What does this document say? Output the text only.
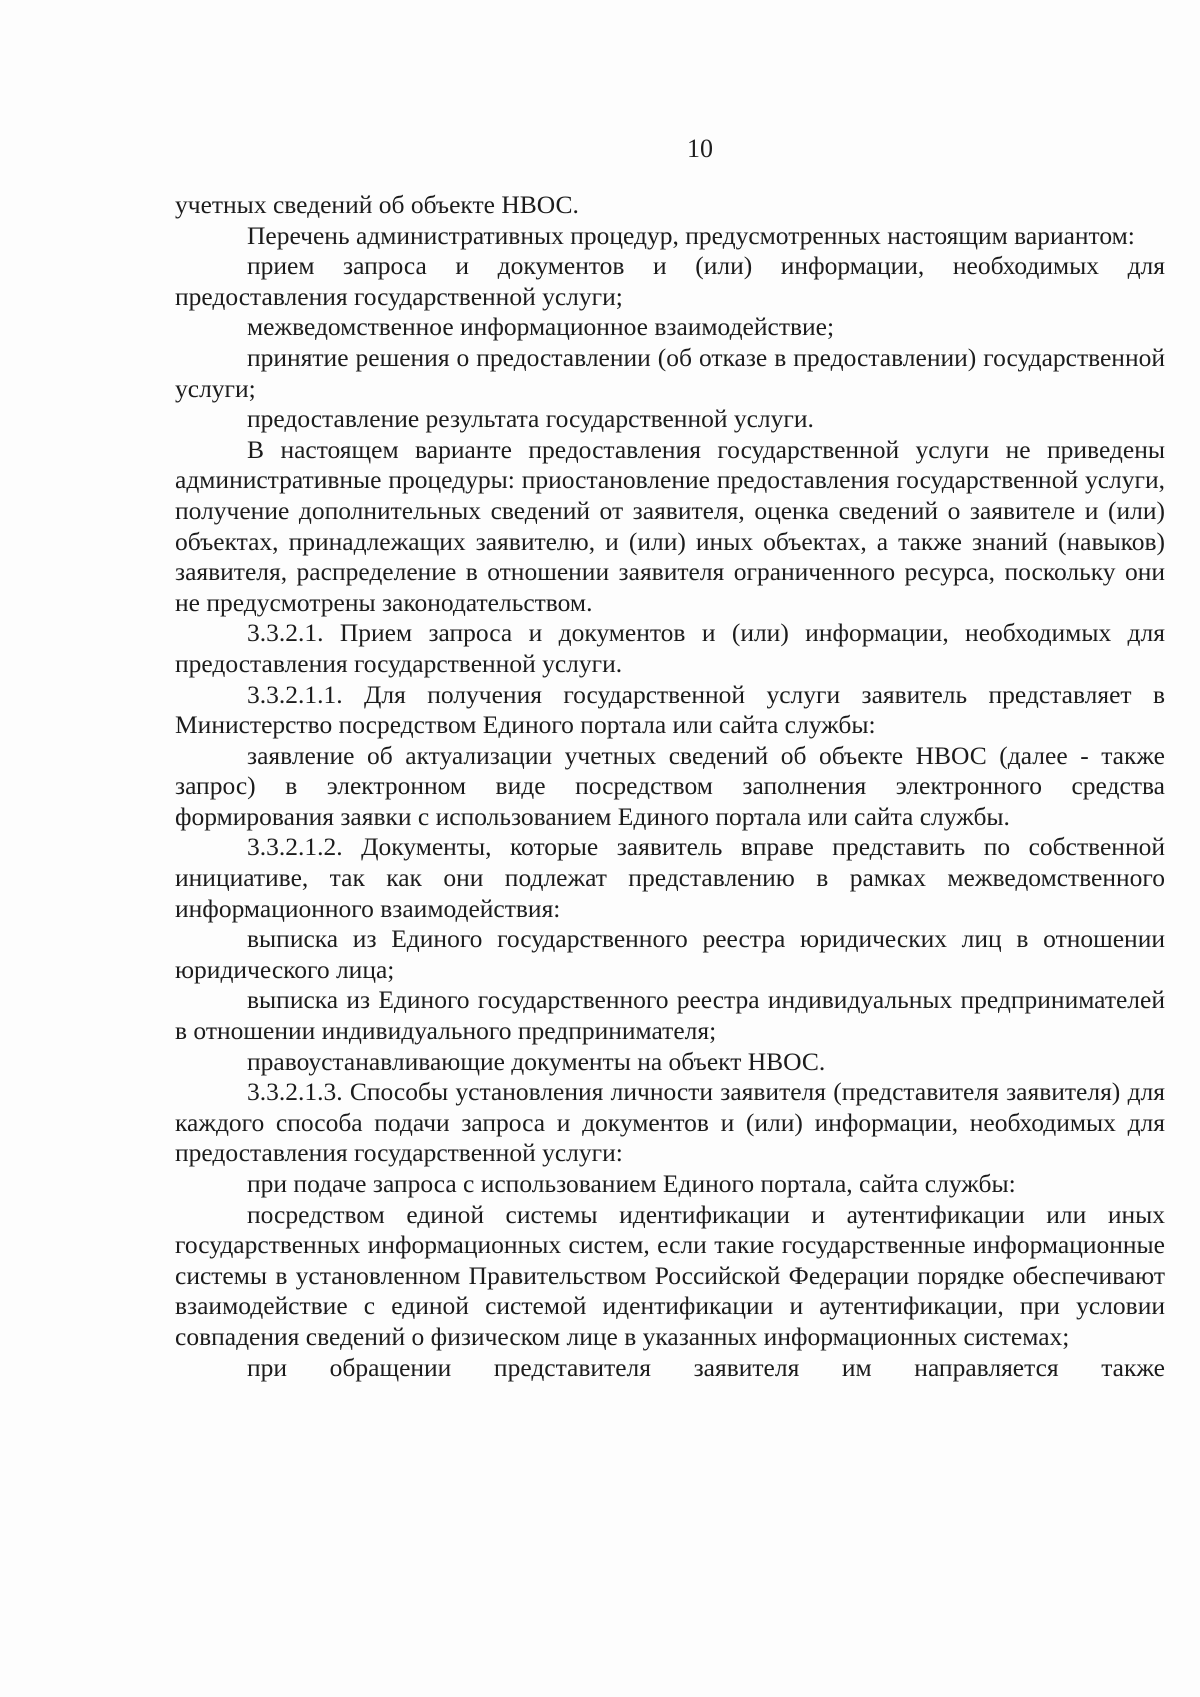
10

учетных сведений об объекте НВОС.

Перечень административных процедур, предусмотренных настоящим вариантом:

прием запроса и документов и (или) информации, необходимых для предоставления государственной услуги;

межведомственное информационное взаимодействие;

принятие решения о предоставлении (об отказе в предоставлении) государственной услуги;

предоставление результата государственной услуги.

В настоящем варианте предоставления государственной услуги не приведены административные процедуры: приостановление предоставления государственной услуги, получение дополнительных сведений от заявителя, оценка сведений о заявителе и (или) объектах, принадлежащих заявителю, и (или) иных объектах, а также знаний (навыков) заявителя, распределение в отношении заявителя ограниченного ресурса, поскольку они не предусмотрены законодательством.

3.3.2.1. Прием запроса и документов и (или) информации, необходимых для предоставления государственной услуги.

3.3.2.1.1. Для получения государственной услуги заявитель представляет в Министерство посредством Единого портала или сайта службы:

заявление об актуализации учетных сведений об объекте НВОС (далее - также запрос) в электронном виде посредством заполнения электронного средства формирования заявки с использованием Единого портала или сайта службы.

3.3.2.1.2. Документы, которые заявитель вправе представить по собственной инициативе, так как они подлежат представлению в рамках межведомственного информационного взаимодействия:

выписка из Единого государственного реестра юридических лиц в отношении юридического лица;

выписка из Единого государственного реестра индивидуальных предпринимателей в отношении индивидуального предпринимателя;

правоустанавливающие документы на объект НВОС.

3.3.2.1.3. Способы установления личности заявителя (представителя заявителя) для каждого способа подачи запроса и документов и (или) информации, необходимых для предоставления государственной услуги:

при подаче запроса с использованием Единого портала, сайта службы:

посредством единой системы идентификации и аутентификации или иных государственных информационных систем, если такие государственные информационные системы в установленном Правительством Российской Федерации порядке обеспечивают взаимодействие с единой системой идентификации и аутентификации, при условии совпадения сведений о физическом лице в указанных информационных системах;

при обращении представителя заявителя им направляется также
